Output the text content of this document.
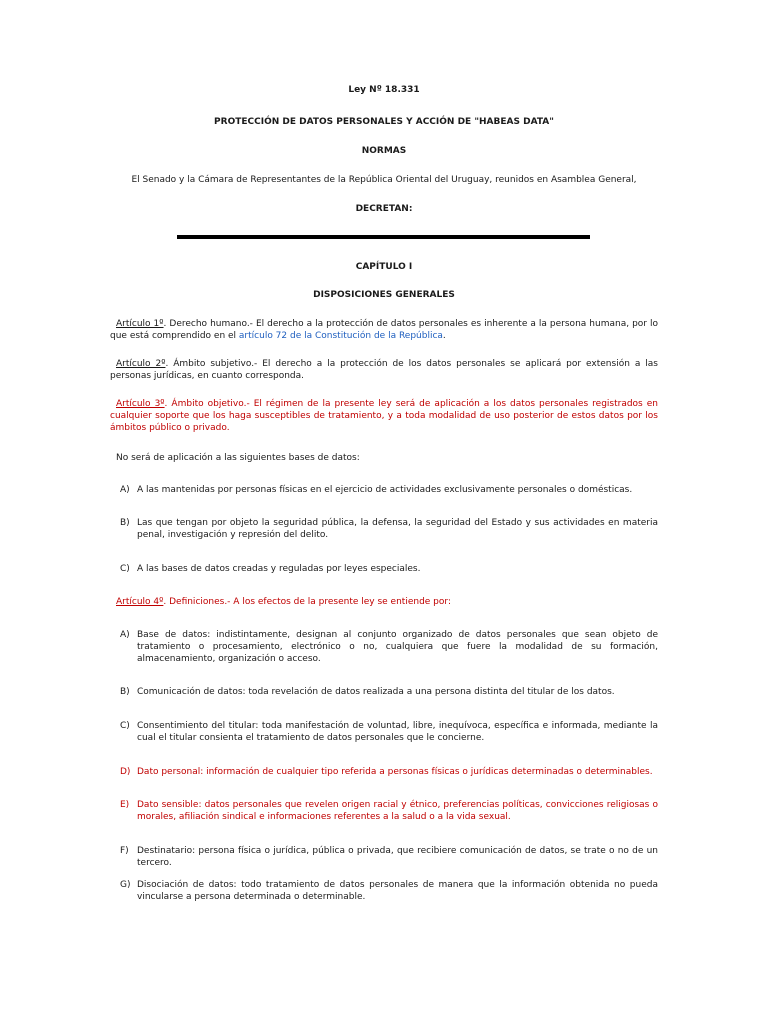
Ley Nº 18.331
PROTECCIÓN DE DATOS PERSONALES Y ACCIÓN DE "HABEAS DATA"
NORMAS
El Senado y la Cámara de Representantes de la República Oriental del Uruguay, reunidos en Asamblea General,
DECRETAN:
CAPÍTULO I
DISPOSICIONES GENERALES
Artículo 1º. Derecho humano.- El derecho a la protección de datos personales es inherente a la persona humana, por lo que está comprendido en el artículo 72 de la Constitución de la República.
Artículo 2º. Ámbito subjetivo.- El derecho a la protección de los datos personales se aplicará por extensión a las personas jurídicas, en cuanto corresponda.
Artículo 3º. Ámbito objetivo.- El régimen de la presente ley será de aplicación a los datos personales registrados en cualquier soporte que los haga susceptibles de tratamiento, y a toda modalidad de uso posterior de estos datos por los ámbitos público o privado.
No será de aplicación a las siguientes bases de datos:
A) A las mantenidas por personas físicas en el ejercicio de actividades exclusivamente personales o domésticas.
B) Las que tengan por objeto la seguridad pública, la defensa, la seguridad del Estado y sus actividades en materia penal, investigación y represión del delito.
C) A las bases de datos creadas y reguladas por leyes especiales.
Artículo 4º. Definiciones.- A los efectos de la presente ley se entiende por:
A) Base de datos: indistintamente, designan al conjunto organizado de datos personales que sean objeto de tratamiento o procesamiento, electrónico o no, cualquiera que fuere la modalidad de su formación, almacenamiento, organización o acceso.
B) Comunicación de datos: toda revelación de datos realizada a una persona distinta del titular de los datos.
C) Consentimiento del titular: toda manifestación de voluntad, libre, inequívoca, específica e informada, mediante la cual el titular consienta el tratamiento de datos personales que le concierne.
D) Dato personal: información de cualquier tipo referida a personas físicas o jurídicas determinadas o determinables.
E) Dato sensible: datos personales que revelen origen racial y étnico, preferencias políticas, convicciones religiosas o morales, afiliación sindical e informaciones referentes a la salud o a la vida sexual.
F) Destinatario: persona física o jurídica, pública o privada, que recibiere comunicación de datos, se trate o no de un tercero.
G) Disociación de datos: todo tratamiento de datos personales de manera que la información obtenida no pueda vincularse a persona determinada o determinable.
